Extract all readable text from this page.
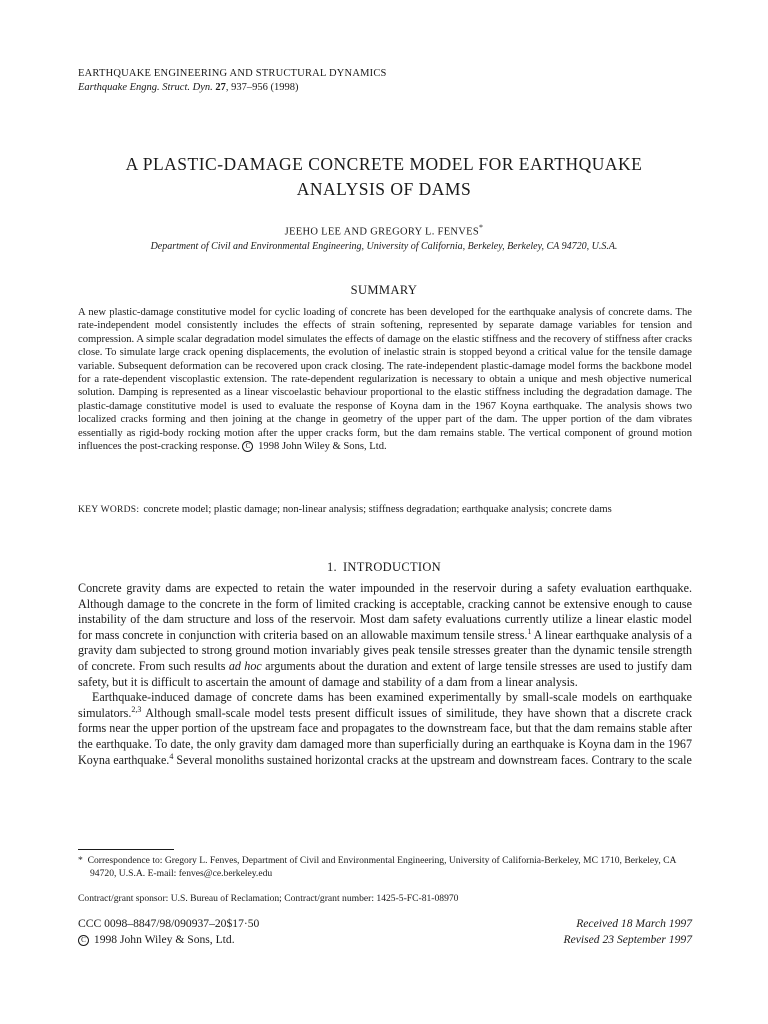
EARTHQUAKE ENGINEERING AND STRUCTURAL DYNAMICS
Earthquake Engng. Struct. Dyn. 27, 937–956 (1998)
A PLASTIC-DAMAGE CONCRETE MODEL FOR EARTHQUAKE
ANALYSIS OF DAMS
JEEHO LEE AND GREGORY L. FENVES*
Department of Civil and Environmental Engineering, University of California, Berkeley, Berkeley, CA 94720, U.S.A.
SUMMARY
A new plastic-damage constitutive model for cyclic loading of concrete has been developed for the earthquake analysis of concrete dams. The rate-independent model consistently includes the effects of strain softening, represented by separate damage variables for tension and compression. A simple scalar degradation model simulates the effects of damage on the elastic stiffness and the recovery of stiffness after cracks close. To simulate large crack opening displacements, the evolution of inelastic strain is stopped beyond a critical value for the tensile damage variable. Subsequent deformation can be recovered upon crack closing. The rate-independent plastic-damage model forms the backbone model for a rate-dependent viscoplastic extension. The rate-dependent regularization is necessary to obtain a unique and mesh objective numerical solution. Damping is represented as a linear viscoelastic behaviour proportional to the elastic stiffness including the degradation damage. The plastic-damage constitutive model is used to evaluate the response of Koyna dam in the 1967 Koyna earthquake. The analysis shows two localized cracks forming and then joining at the change in geometry of the upper part of the dam. The upper portion of the dam vibrates essentially as rigid-body rocking motion after the upper cracks form, but the dam remains stable. The vertical component of ground motion influences the post-cracking response. C 1998 John Wiley & Sons, Ltd.
KEY WORDS: concrete model; plastic damage; non-linear analysis; stiffness degradation; earthquake analysis; concrete dams
1. INTRODUCTION

Concrete gravity dams are expected to retain the water impounded in the reservoir during a safety evaluation earthquake. Although damage to the concrete in the form of limited cracking is acceptable, cracking cannot be extensive enough to cause instability of the dam structure and loss of the reservoir. Most dam safety evaluations currently utilize a linear elastic model for mass concrete in conjunction with criteria based on an allowable maximum tensile stress.$^1$ A linear earthquake analysis of a gravity dam subjected to strong ground motion invariably gives peak tensile stresses greater than the dynamic tensile strength of concrete. From such results ad hoc arguments about the duration and extent of large tensile stresses are used to justify dam safety, but it is difficult to ascertain the amount of damage and stability of a dam from a linear analysis.

Earthquake-induced damage of concrete dams has been examined experimentally by small-scale models on earthquake simulators.$^{2,3}$ Although small-scale model tests present difficult issues of similitude, they have shown that a discrete crack forms near the upper portion of the upstream face and propagates to the downstream face, but that the dam remains stable after the earthquake. To date, the only gravity dam damaged more than superficially during an earthquake is Koyna dam in the 1967 Koyna earthquake.$^4$ Several monoliths sustained horizontal cracks at the upstream and downstream faces. Contrary to the scale

* Correspondence to: Gregory L. Fenves, Department of Civil and Environmental Engineering, University of California-Berkeley, MC 1710, Berkeley, CA 94720, U.S.A. E-mail: fenves@ce.berkeley.edu
Contract/grant sponsor: U.S. Bureau of Reclamation; Contract/grant number: 1425-5-FC-81-08970
CCC 0098–8847/98/090937–20$17·50
C 1998 John Wiley & Sons, Ltd.
Received 18 March 1997
Revised 23 September 1997
